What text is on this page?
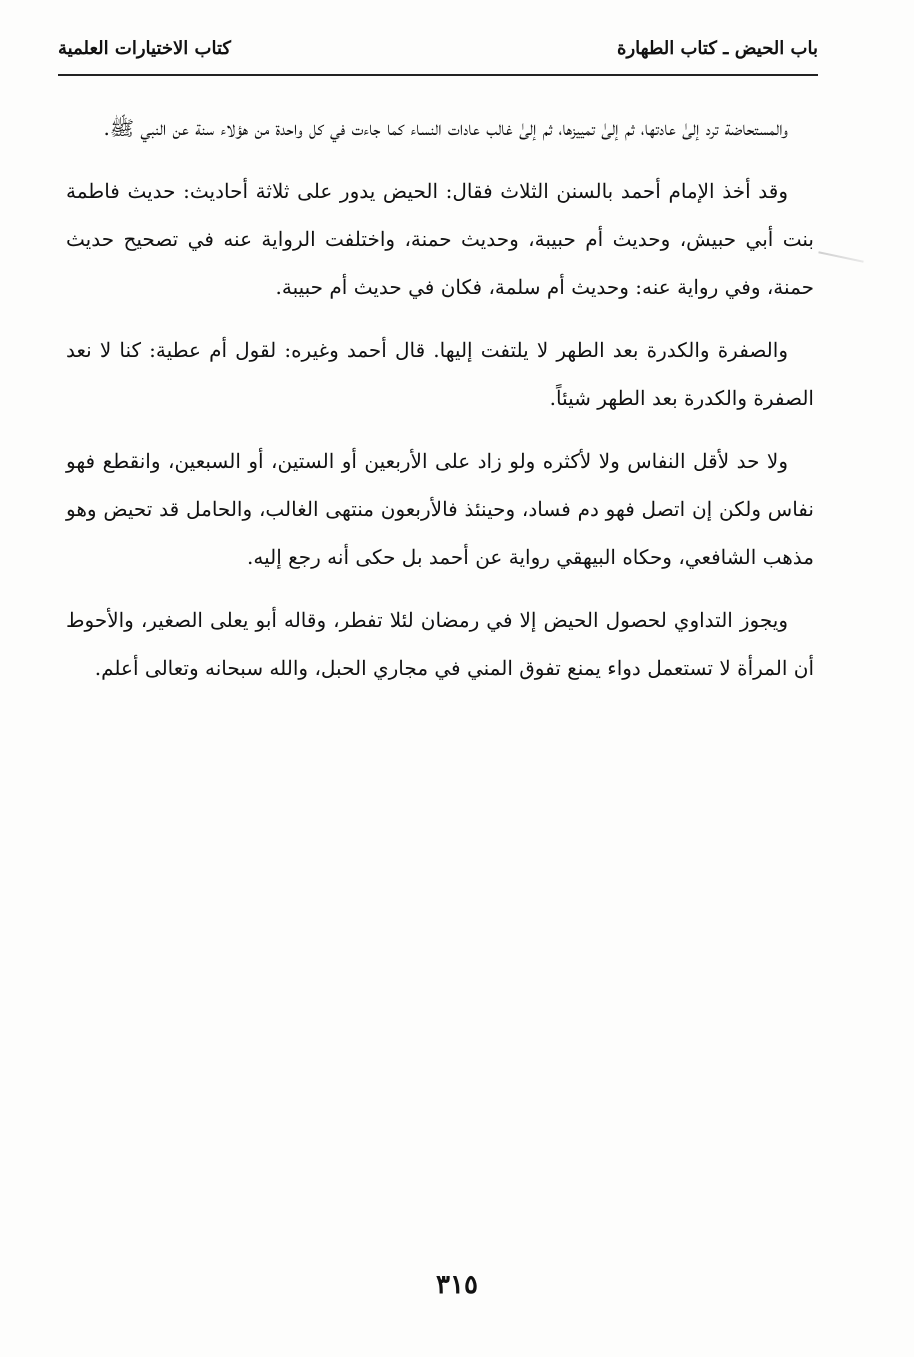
باب الحيض ـ كتاب الطهارة
كتاب الاختيارات العلمية

والمستحاضة ترد إلىٰ عادتها، ثم إلىٰ تمييزها، ثم إلىٰ غالب عادات النساء كما جاءت في كل واحدة من هؤلاء سنة عن النبي ﷺ.

وقد أخذ الإمام أحمد بالسنن الثلاث فقال: الحيض يدور على ثلاثة أحاديث: حديث فاطمة بنت أبي حبيش، وحديث أم حبيبة، وحديث حمنة، واختلفت الرواية عنه في تصحيح حديث حمنة، وفي رواية عنه: وحديث أم سلمة، فكان في حديث أم حبيبة.

والصفرة والكدرة بعد الطهر لا يلتفت إليها. قال أحمد وغيره: لقول أم عطية: كنا لا نعد الصفرة والكدرة بعد الطهر شيئاً.

ولا حد لأقل النفاس ولا لأكثره ولو زاد على الأربعين أو الستين، أو السبعين، وانقطع فهو نفاس ولكن إن اتصل فهو دم فساد، وحينئذ فالأربعون منتهى الغالب، والحامل قد تحيض وهو مذهب الشافعي، وحكاه البيهقي رواية عن أحمد بل حكى أنه رجع إليه.

ويجوز التداوي لحصول الحيض إلا في رمضان لئلا تفطر، وقاله أبو يعلى الصغير، والأحوط أن المرأة لا تستعمل دواء يمنع تفوق المني في مجاري الحبل، والله سبحانه وتعالى أعلم.

٣١٥
